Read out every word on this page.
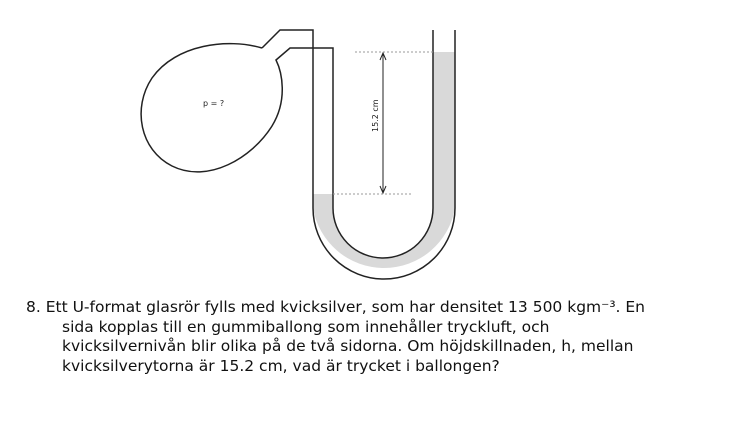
p = ?	15.2 cm
8. Ett U-format glasrör fylls med kvicksilver, som har densitet 13 500 kgm⁻³. En
sida kopplas till en gummiballong som innehåller tryckluft, och
kvicksilvernivån blir olika på de två sidorna. Om höjdskillnaden, h, mellan
kvicksilverytorna är 15.2 cm, vad är trycket i ballongen?
